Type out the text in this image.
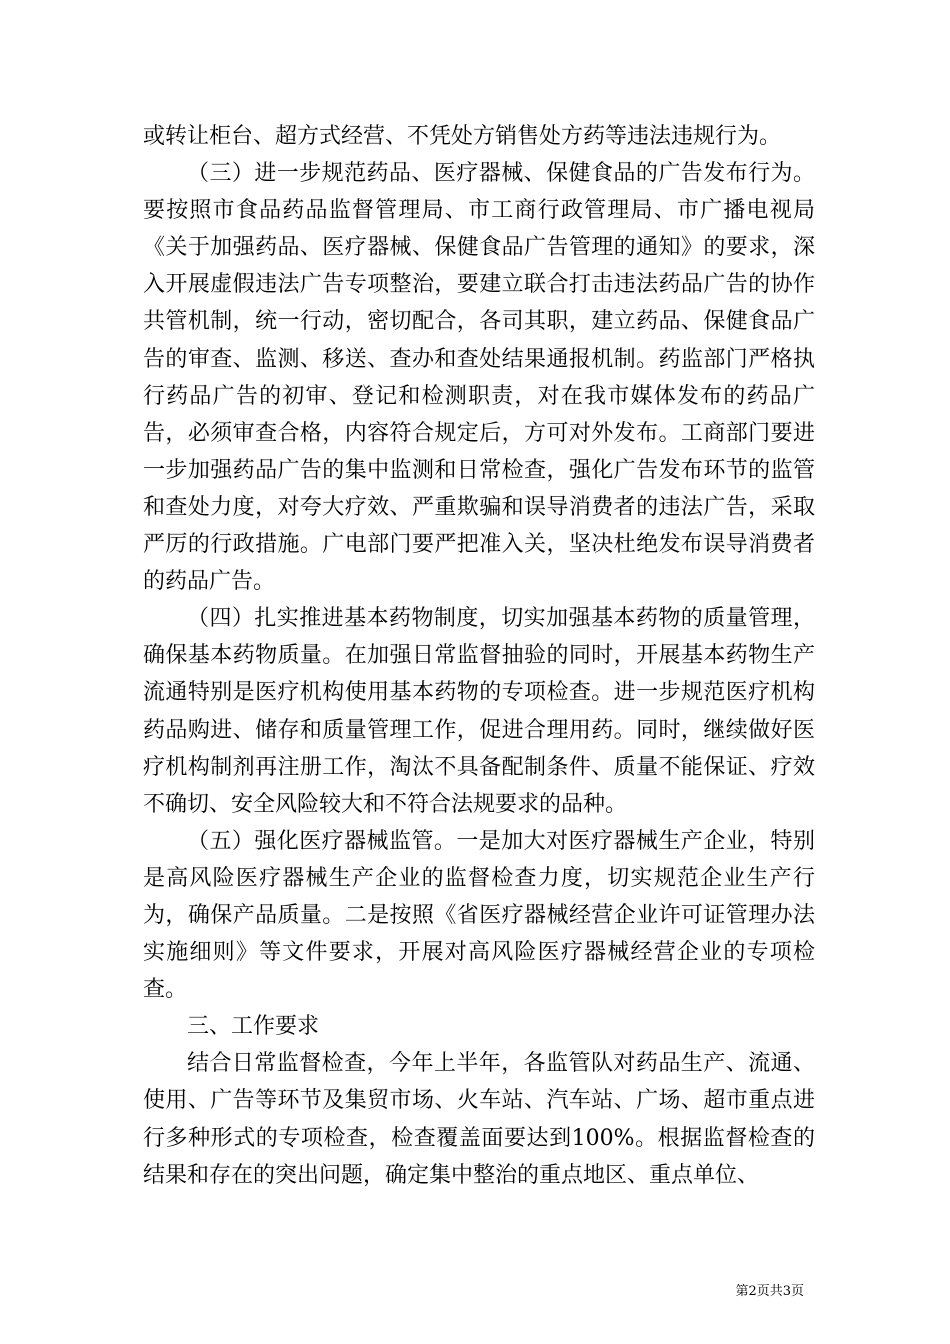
或转让柜台、超方式经营、不凭处方销售处方药等违法违规行为。

（三）进一步规范药品、医疗器械、保健食品的广告发布行为。要按照市食品药品监督管理局、市工商行政管理局、市广播电视局《关于加强药品、医疗器械、保健食品广告管理的通知》的要求，深入开展虚假违法广告专项整治，要建立联合打击违法药品广告的协作共管机制，统一行动，密切配合，各司其职，建立药品、保健食品广告的审查、监测、移送、查办和查处结果通报机制。药监部门严格执行药品广告的初审、登记和检测职责，对在我市媒体发布的药品广告，必须审查合格，内容符合规定后，方可对外发布。工商部门要进一步加强药品广告的集中监测和日常检查，强化广告发布环节的监管和查处力度，对夸大疗效、严重欺骗和误导消费者的违法广告，采取严厉的行政措施。广电部门要严把准入关，坚决杜绝发布误导消费者的药品广告。

（四）扎实推进基本药物制度，切实加强基本药物的质量管理，确保基本药物质量。在加强日常监督抽验的同时，开展基本药物生产流通特别是医疗机构使用基本药物的专项检查。进一步规范医疗机构药品购进、储存和质量管理工作，促进合理用药。同时，继续做好医疗机构制剂再注册工作，淘汰不具备配制条件、质量不能保证、疗效不确切、安全风险较大和不符合法规要求的品种。

（五）强化医疗器械监管。一是加大对医疗器械生产企业，特别是高风险医疗器械生产企业的监督检查力度，切实规范企业生产行为，确保产品质量。二是按照《省医疗器械经营企业许可证管理办法实施细则》等文件要求，开展对高风险医疗器械经营企业的专项检查。

三、工作要求

结合日常监督检查，今年上半年，各监管队对药品生产、流通、使用、广告等环节及集贸市场、火车站、汽车站、广场、超市重点进行多种形式的专项检查，检查覆盖面要达到100%。根据监督检查的结果和存在的突出问题，确定集中整治的重点地区、重点单位、

第2页共3页
